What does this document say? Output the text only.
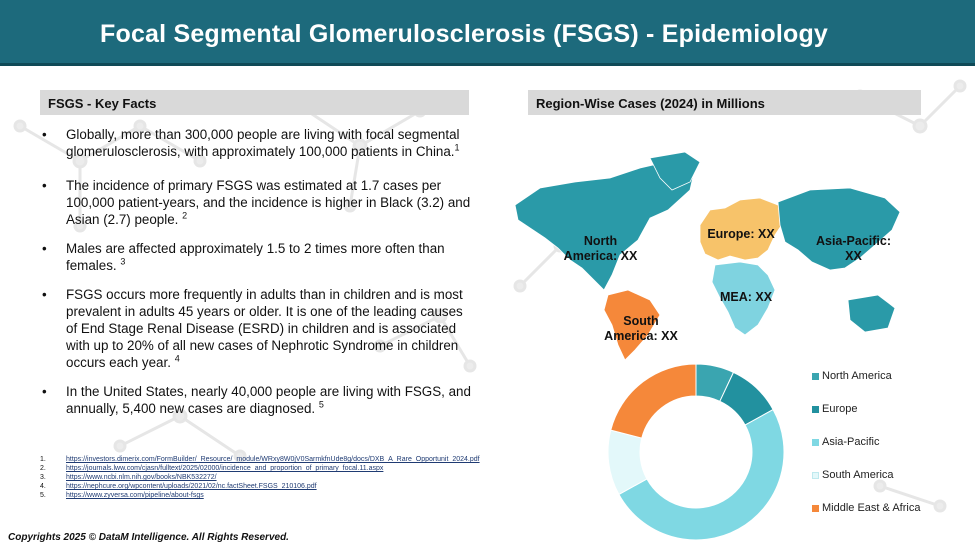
Focal Segmental Glomerulosclerosis (FSGS) - Epidemiology
FSGS - Key Facts
• Globally, more than 300,000 people are living with focal segmental glomerulosclerosis, with approximately 100,000 patients in China.$^1$
• The incidence of primary FSGS was estimated at 1.7 cases per 100,000 patient-years, and the incidence is higher in Black (3.2) and Asian (2.7) people. $^2$
• Males are affected approximately 1.5 to 2 times more often than females. $^3$
• FSGS occurs more frequently in adults than in children and is most prevalent in adults 45 years or older. It is one of the leading causes of End Stage Renal Disease (ESRD) in children and is associated with up to 20% of all new cases of Nephrotic Syndrome in children occurs each year. $^4$
• In the United States, nearly 40,000 people are living with FSGS, and annually, 5,400 new cases are diagnosed. $^5$
1.	https://investors.dimerix.com/FormBuilder/_Resource/_module/WRxy8W0jV0SarmkfnUde8g/docs/DXB_A_Rare_Opportunit_2024.pdf
2.	https://journals.lww.com/cjasn/fulltext/2025/02000/incidence_and_proportion_of_primary_focal.11.aspx
3.	https://www.ncbi.nlm.nih.gov/books/NBK532272/
4.	https://nephcure.org/wpcontent/uploads/2021/02/nc.factSheet.FSGS_210106.pdf
5.	https://www.zyversa.com/pipeline/about-fsgs
Region-Wise Cases (2024) in Millions
North
America: XX
Europe: XX	Asia-Pacific:
XX
MEA: XX
South
America: XX
North America
Europe
Asia-Pacific
South America
Middle East & Africa
Copyrights 2025 © DataM Intelligence. All Rights Reserved.
